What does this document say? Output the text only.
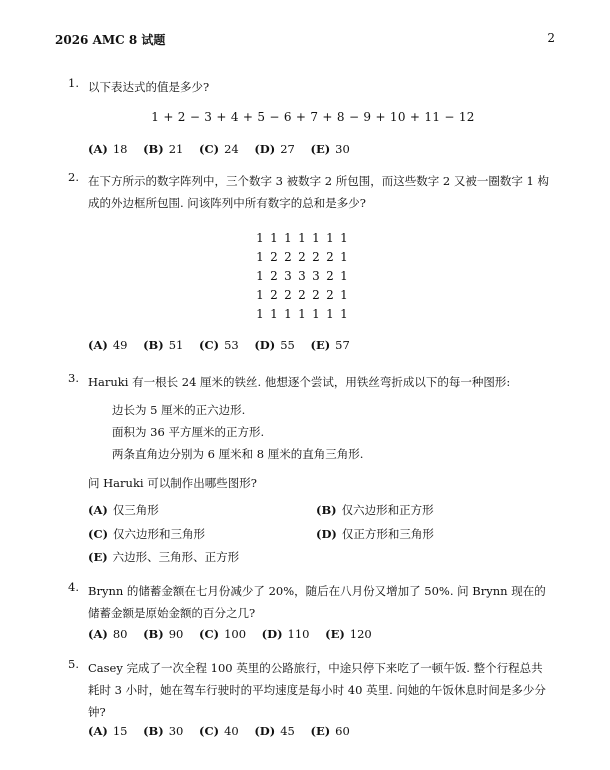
2026 AMC 8 试题	2
1. 以下表达式的值是多少?
1 + 2 − 3 + 4 + 5 − 6 + 7 + 8 − 9 + 10 + 11 − 12
(A) 18 (B) 21 (C) 24 (D) 27 (E) 30
2. 在下方所示的数字阵列中，三个数字 3 被数字 2 所包围，而这些数字 2 又被一圈数字 1 构
成的外边框所包围. 问该阵列中所有数字的总和是多少?
1	1	1	1	1	1	1
1	2	2	2	2	2	1
1	2	3	3	3	2	1
1	2	2	2	2	2	1
1	1	1	1	1	1	1
(A) 49 (B) 51 (C) 53 (D) 55 (E) 57
3. Haruki 有一根长 24 厘米的铁丝. 他想逐个尝试，用铁丝弯折成以下的每一种图形:
边长为 5 厘米的正六边形.
面积为 36 平方厘米的正方形.
两条直角边分别为 6 厘米和 8 厘米的直角三角形.
问 Haruki 可以制作出哪些图形?
(A) 仅三角形	(B) 仅六边形和正方形
(C) 仅六边形和三角形	(D) 仅正方形和三角形
(E) 六边形、三角形、正方形
4. Brynn 的储蓄金额在七月份减少了 20%，随后在八月份又增加了 50%. 问 Brynn 现在的
储蓄金额是原始金额的百分之几?
(A) 80 (B) 90 (C) 100 (D) 110 (E) 120
5. Casey 完成了一次全程 100 英里的公路旅行，中途只停下来吃了一顿午饭. 整个行程总共
耗时 3 小时，她在驾车行驶时的平均速度是每小时 40 英里. 问她的午饭休息时间是多少分
钟?
(A) 15 (B) 30 (C) 40 (D) 45 (E) 60
